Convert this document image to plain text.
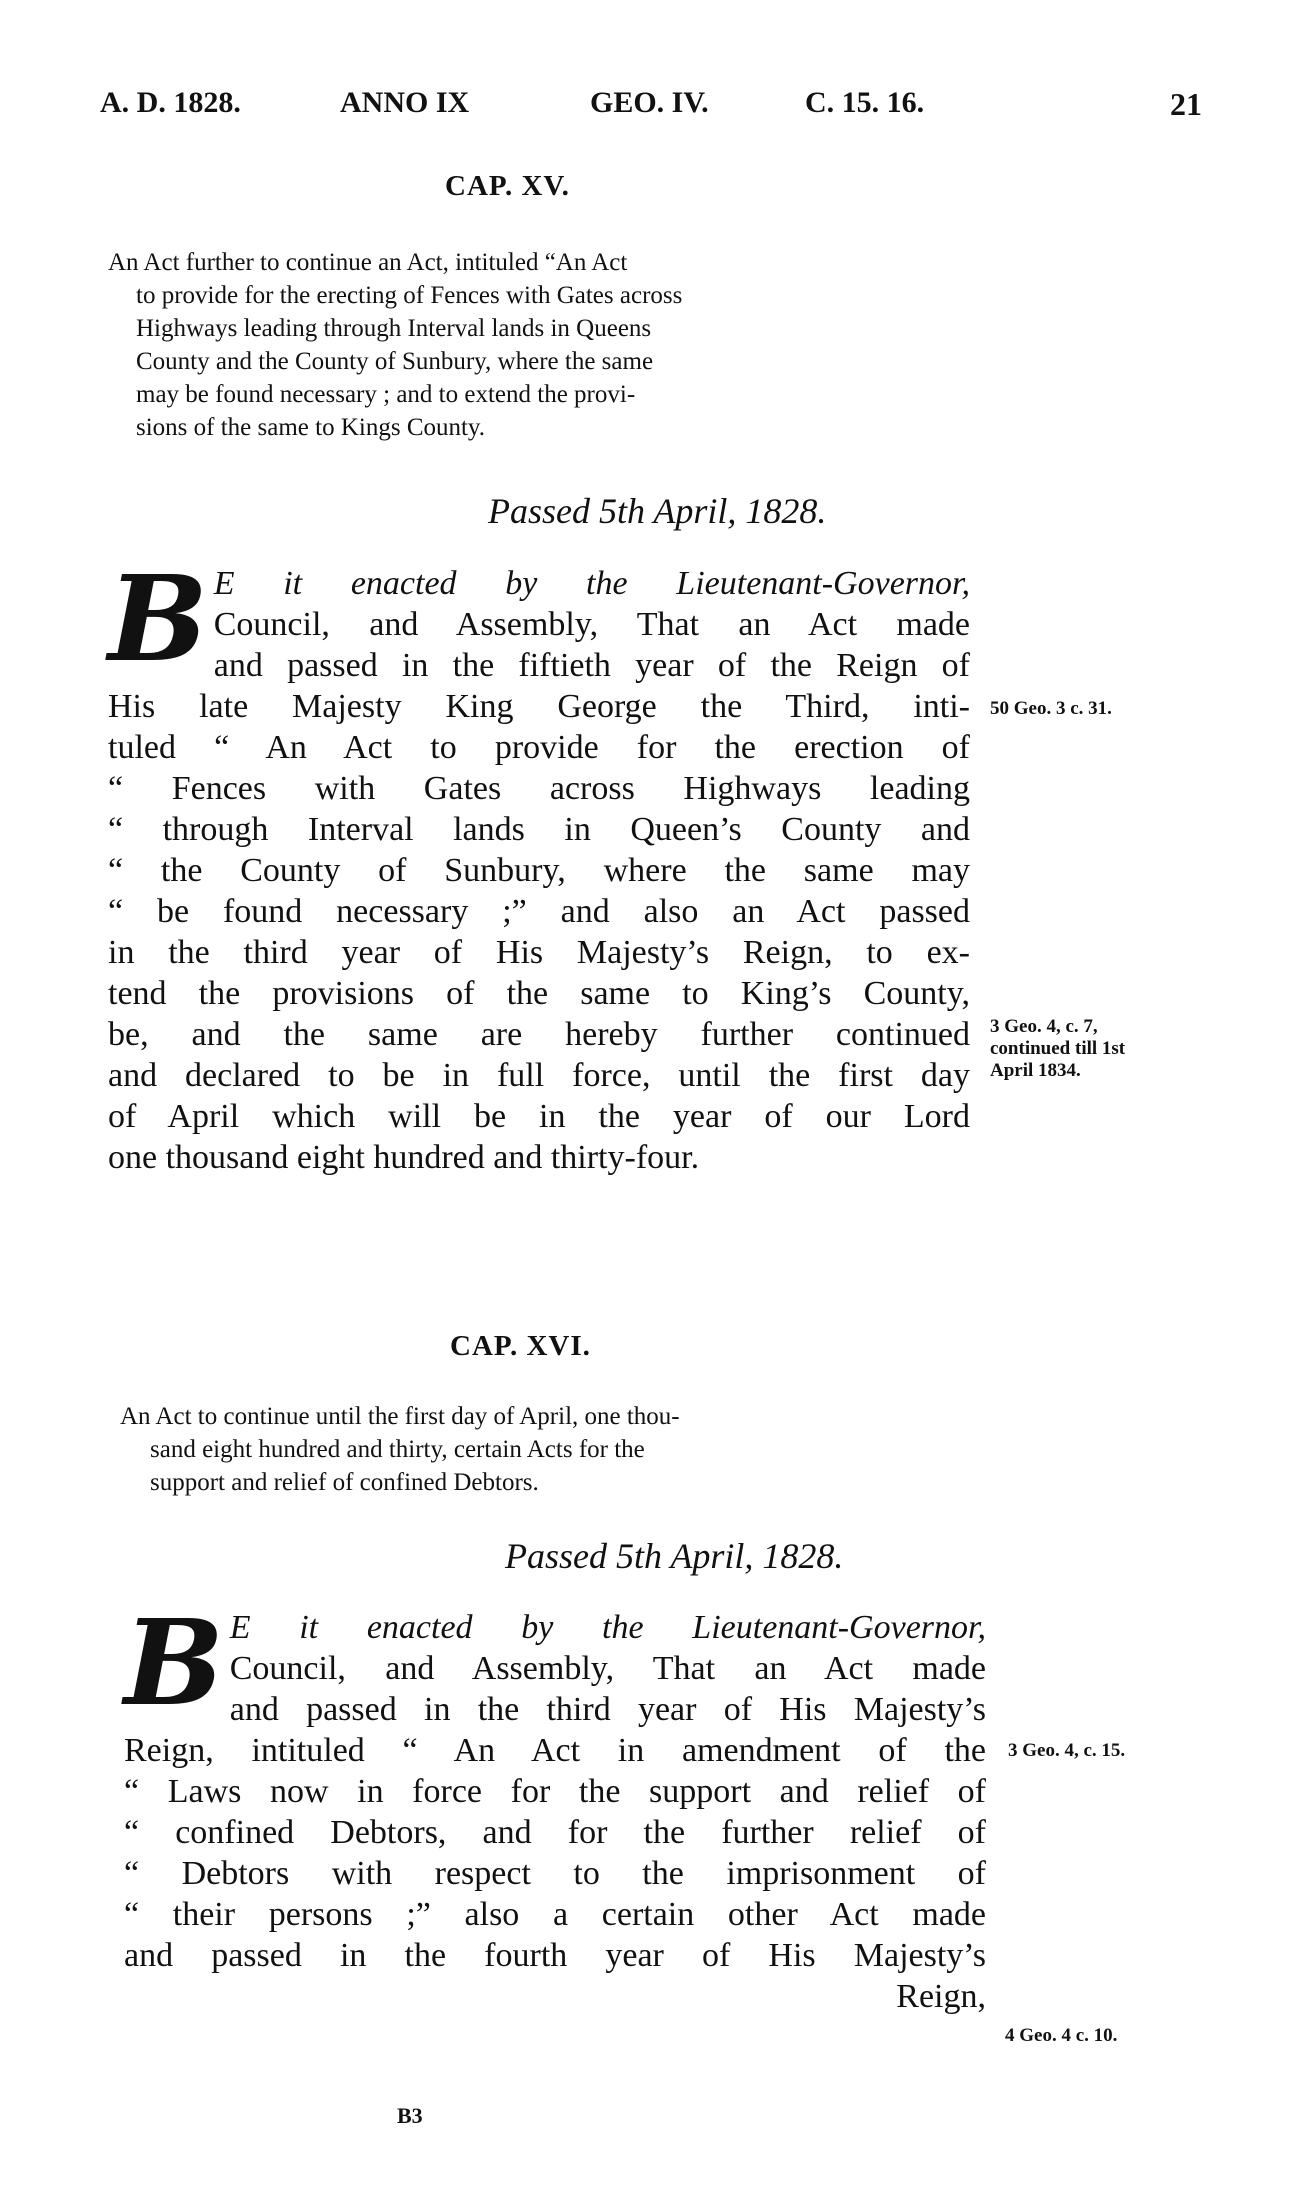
A. D. 1828.	ANNO IX	GEO. IV.	C. 15. 16.	21
CAP. XV.
An Act further to continue an Act, intituled “An Act
to provide for the erecting of Fences with Gates across
Highways leading through Interval lands in Queens
County and the County of Sunbury, where the same
may be found necessary ; and to extend the provi-
sions of the same to Kings County.
Passed 5th April, 1828.
B E it enacted by the Lieutenant-Governor,
Council, and Assembly, That an Act made
and passed in the fiftieth year of the Reign of
His late Majesty King George the Third, inti-
tuled “ An Act to provide for the erection of
“ Fences with Gates across Highways leading
“ through Interval lands in Queen’s County and
“ the County of Sunbury, where the same may
“ be found necessary ;” and also an Act passed
in the third year of His Majesty’s Reign, to ex-
tend the provisions of the same to King’s County,
be, and the same are hereby further continued
and declared to be in full force, until the first day
of April which will be in the year of our Lord
one thousand eight hundred and thirty-four.
50 Geo. 3 c. 31.
3 Geo. 4, c. 7,
continued till 1st
April 1834.
CAP. XVI.
An Act to continue until the first day of April, one thou-
sand eight hundred and thirty, certain Acts for the
support and relief of confined Debtors.
Passed 5th April, 1828.
B E it enacted by the Lieutenant-Governor,
Council, and Assembly, That an Act made
and passed in the third year of His Majesty’s
Reign, intituled “ An Act in amendment of the
“ Laws now in force for the support and relief of
“ confined Debtors, and for the further relief of
“ Debtors with respect to the imprisonment of
“ their persons ;” also a certain other Act made
and passed in the fourth year of His Majesty’s
Reign,
3 Geo. 4, c. 15.
4 Geo. 4 c. 10.
B3
